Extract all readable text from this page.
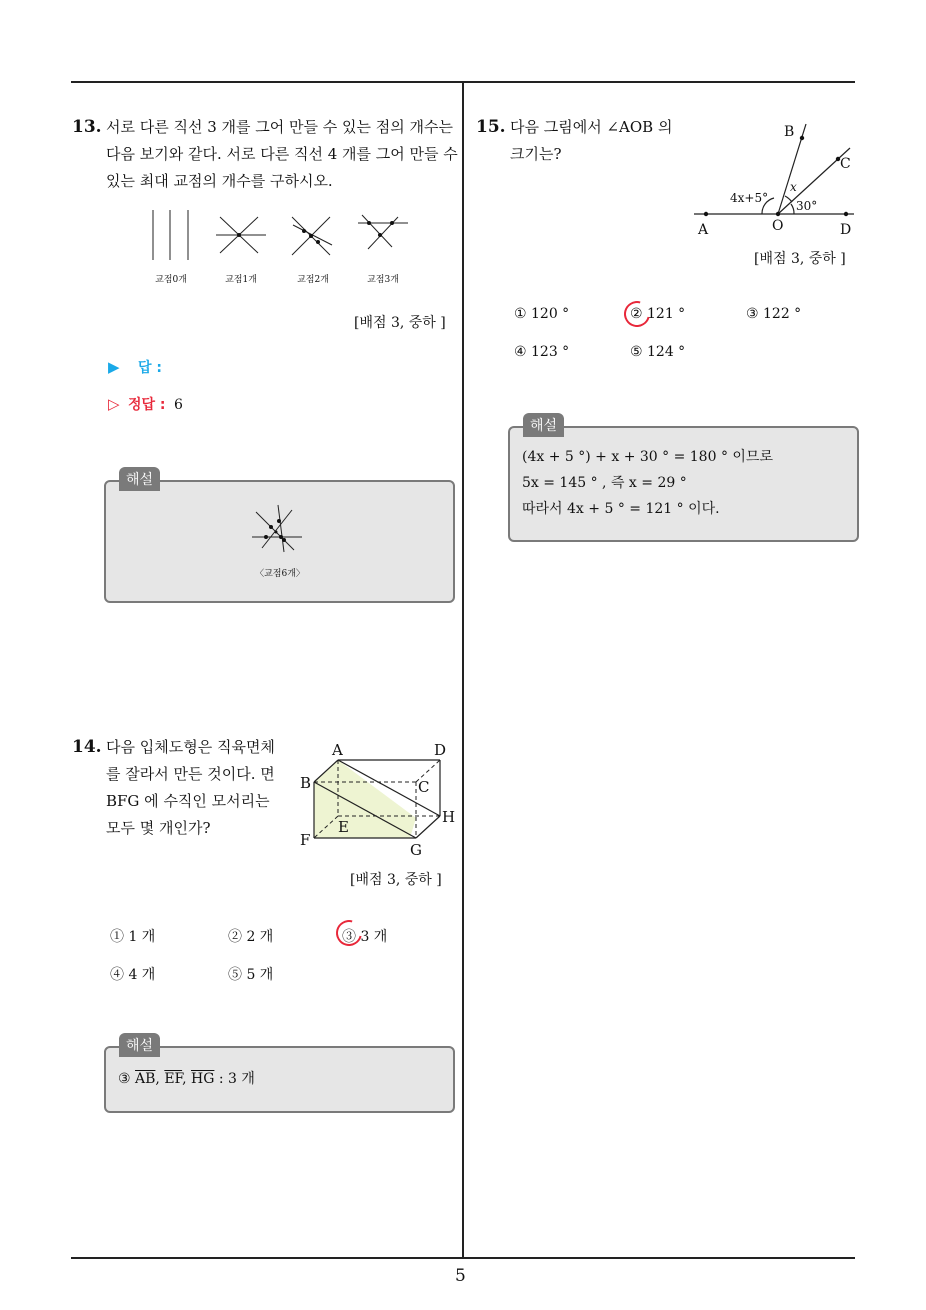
5
13. 서로 다른 직선 3 개를 그어 만들 수 있는 점의 개수는
다음 보기와 같다. 서로 다른 직선 4 개를 그어 만들 수
있는 최대 교점의 개수를 구하시오.
교점0개	교점1개	교점2개	교점3개
[배점 3, 중하 ]
▶ 답 :
▷ 정답 : 6
해설
〈교점6개〉
14. 다음 입체도형은 직육면체
를 잘라서 만든 것이다. 면
BFG 에 수직인 모서리는
모두 몇 개인가?
A	D
B	C
H
E
F
G
[배점 3, 중하 ]
① 1 개	② 2 개	③ 3 개
④ 4 개	⑤ 5 개
해설
③ $\overline{AB}$, $\overline{EF}$, $\overline{HG}$ : 3 개
15. 다음 그림에서 ∠AOB 의
크기는?
B
C
x
4x+5°
30°
A	O	D
[배점 3, 중하 ]
① 120 °	② 121 °	③ 122 °
④ 123 °	⑤ 124 °
해설
(4x + 5 °) + x + 30 ° = 180 ° 이므로
5x = 145 ° , 즉 x = 29 °
따라서 4x + 5 ° = 121 ° 이다.
